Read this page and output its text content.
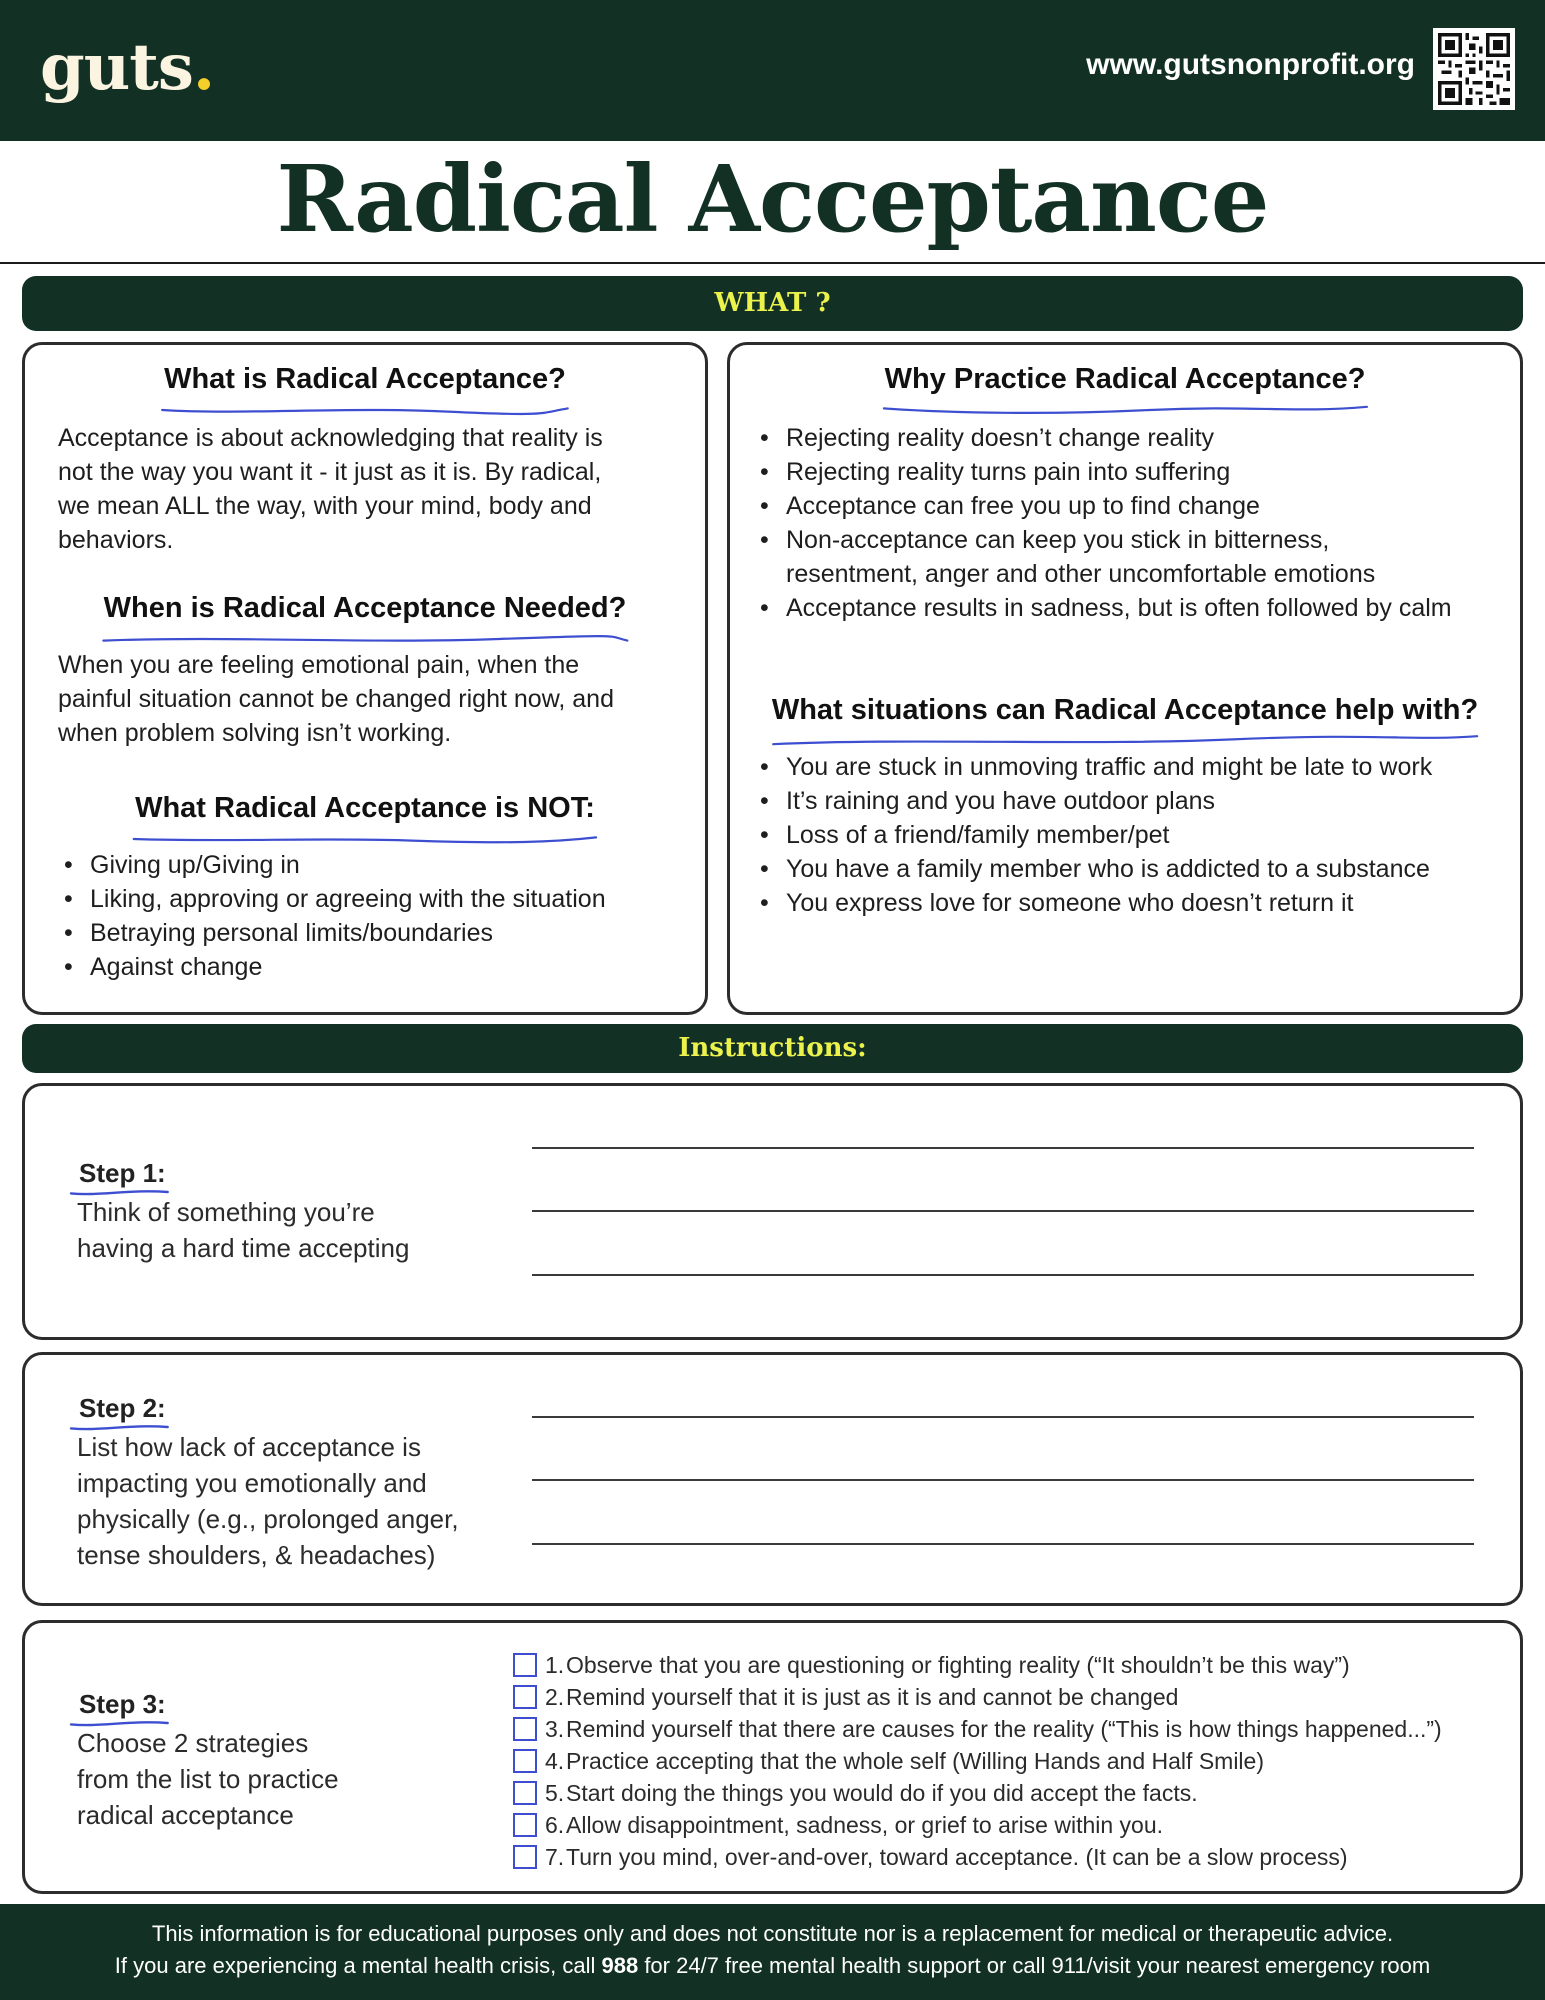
guts.	www.gutsnonprofit.org
Radical Acceptance
WHAT ?
What is Radical Acceptance?
Acceptance is about acknowledging that reality is
not the way you want it - it just as it is. By radical,
we mean ALL the way, with your mind, body and
behaviors.
When is Radical Acceptance Needed?
When you are feeling emotional pain, when the
painful situation cannot be changed right now, and
when problem solving isn’t working.
What Radical Acceptance is NOT:
• Giving up/Giving in
• Liking, approving or agreeing with the situation
• Betraying personal limits/boundaries
• Against change
Why Practice Radical Acceptance?
• Rejecting reality doesn’t change reality
• Rejecting reality turns pain into suffering
• Acceptance can free you up to find change
• Non-acceptance can keep you stick in bitterness,
resentment, anger and other uncomfortable emotions
• Acceptance results in sadness, but is often followed by calm
What situations can Radical Acceptance help with?
• You are stuck in unmoving traffic and might be late to work
• It’s raining and you have outdoor plans
• Loss of a friend/family member/pet
• You have a family member who is addicted to a substance
• You express love for someone who doesn’t return it
Instructions:
Step 1:
Think of something you’re
having a hard time accepting
Step 2:
List how lack of acceptance is
impacting you emotionally and
physically (e.g., prolonged anger,
tense shoulders, & headaches)
Step 3:
Choose 2 strategies
from the list to practice
radical acceptance
1. Observe that you are questioning or fighting reality (“It shouldn’t be this way”)
2. Remind yourself that it is just as it is and cannot be changed
3. Remind yourself that there are causes for the reality (“This is how things happened...”)
4. Practice accepting that the whole self (Willing Hands and Half Smile)
5. Start doing the things you would do if you did accept the facts.
6. Allow disappointment, sadness, or grief to arise within you.
7. Turn you mind, over-and-over, toward acceptance. (It can be a slow process)
This information is for educational purposes only and does not constitute nor is a replacement for medical or therapeutic advice.
If you are experiencing a mental health crisis, call 988 for 24/7 free mental health support or call 911/visit your nearest emergency room
